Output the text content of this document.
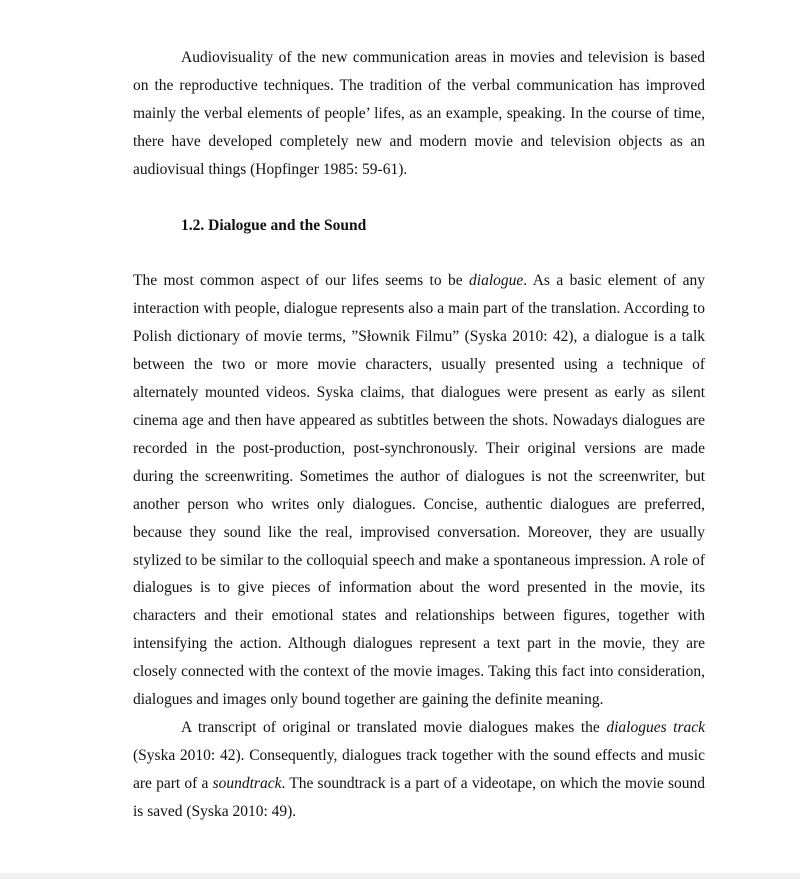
Audiovisuality of the new communication areas in movies and television is based on the reproductive techniques. The tradition of the verbal communication has improved mainly the verbal elements of people’ lifes, as an example, speaking. In the course of time, there have developed completely new and modern movie and television objects as an audiovisual things (Hopfinger 1985: 59-61).

1.2. Dialogue and the Sound

The most common aspect of our lifes seems to be dialogue. As a basic element of any interaction with people, dialogue represents also a main part of the translation. According to Polish dictionary of movie terms, ”Słownik Filmu” (Syska 2010: 42), a dialogue is a talk between the two or more movie characters, usually presented using a technique of alternately mounted videos. Syska claims, that dialogues were present as early as silent cinema age and then have appeared as subtitles between the shots. Nowadays dialogues are recorded in the post-production, post-synchronously. Their original versions are made during the screenwriting. Sometimes the author of dialogues is not the screenwriter, but another person who writes only dialogues. Concise, authentic dialogues are preferred, because they sound like the real, improvised conversation. Moreover, they are usually stylized to be similar to the colloquial speech and make a spontaneous impression. A role of dialogues is to give pieces of information about the word presented in the movie, its characters and their emotional states and relationships between figures, together with intensifying the action. Although dialogues represent a text part in the movie, they are closely connected with the context of the movie images. Taking this fact into consideration, dialogues and images only bound together are gaining the definite meaning.

A transcript of original or translated movie dialogues makes the dialogues track (Syska 2010: 42). Consequently, dialogues track together with the sound effects and music are part of a soundtrack. The soundtrack is a part of a videotape, on which the movie sound is saved (Syska 2010: 49).
